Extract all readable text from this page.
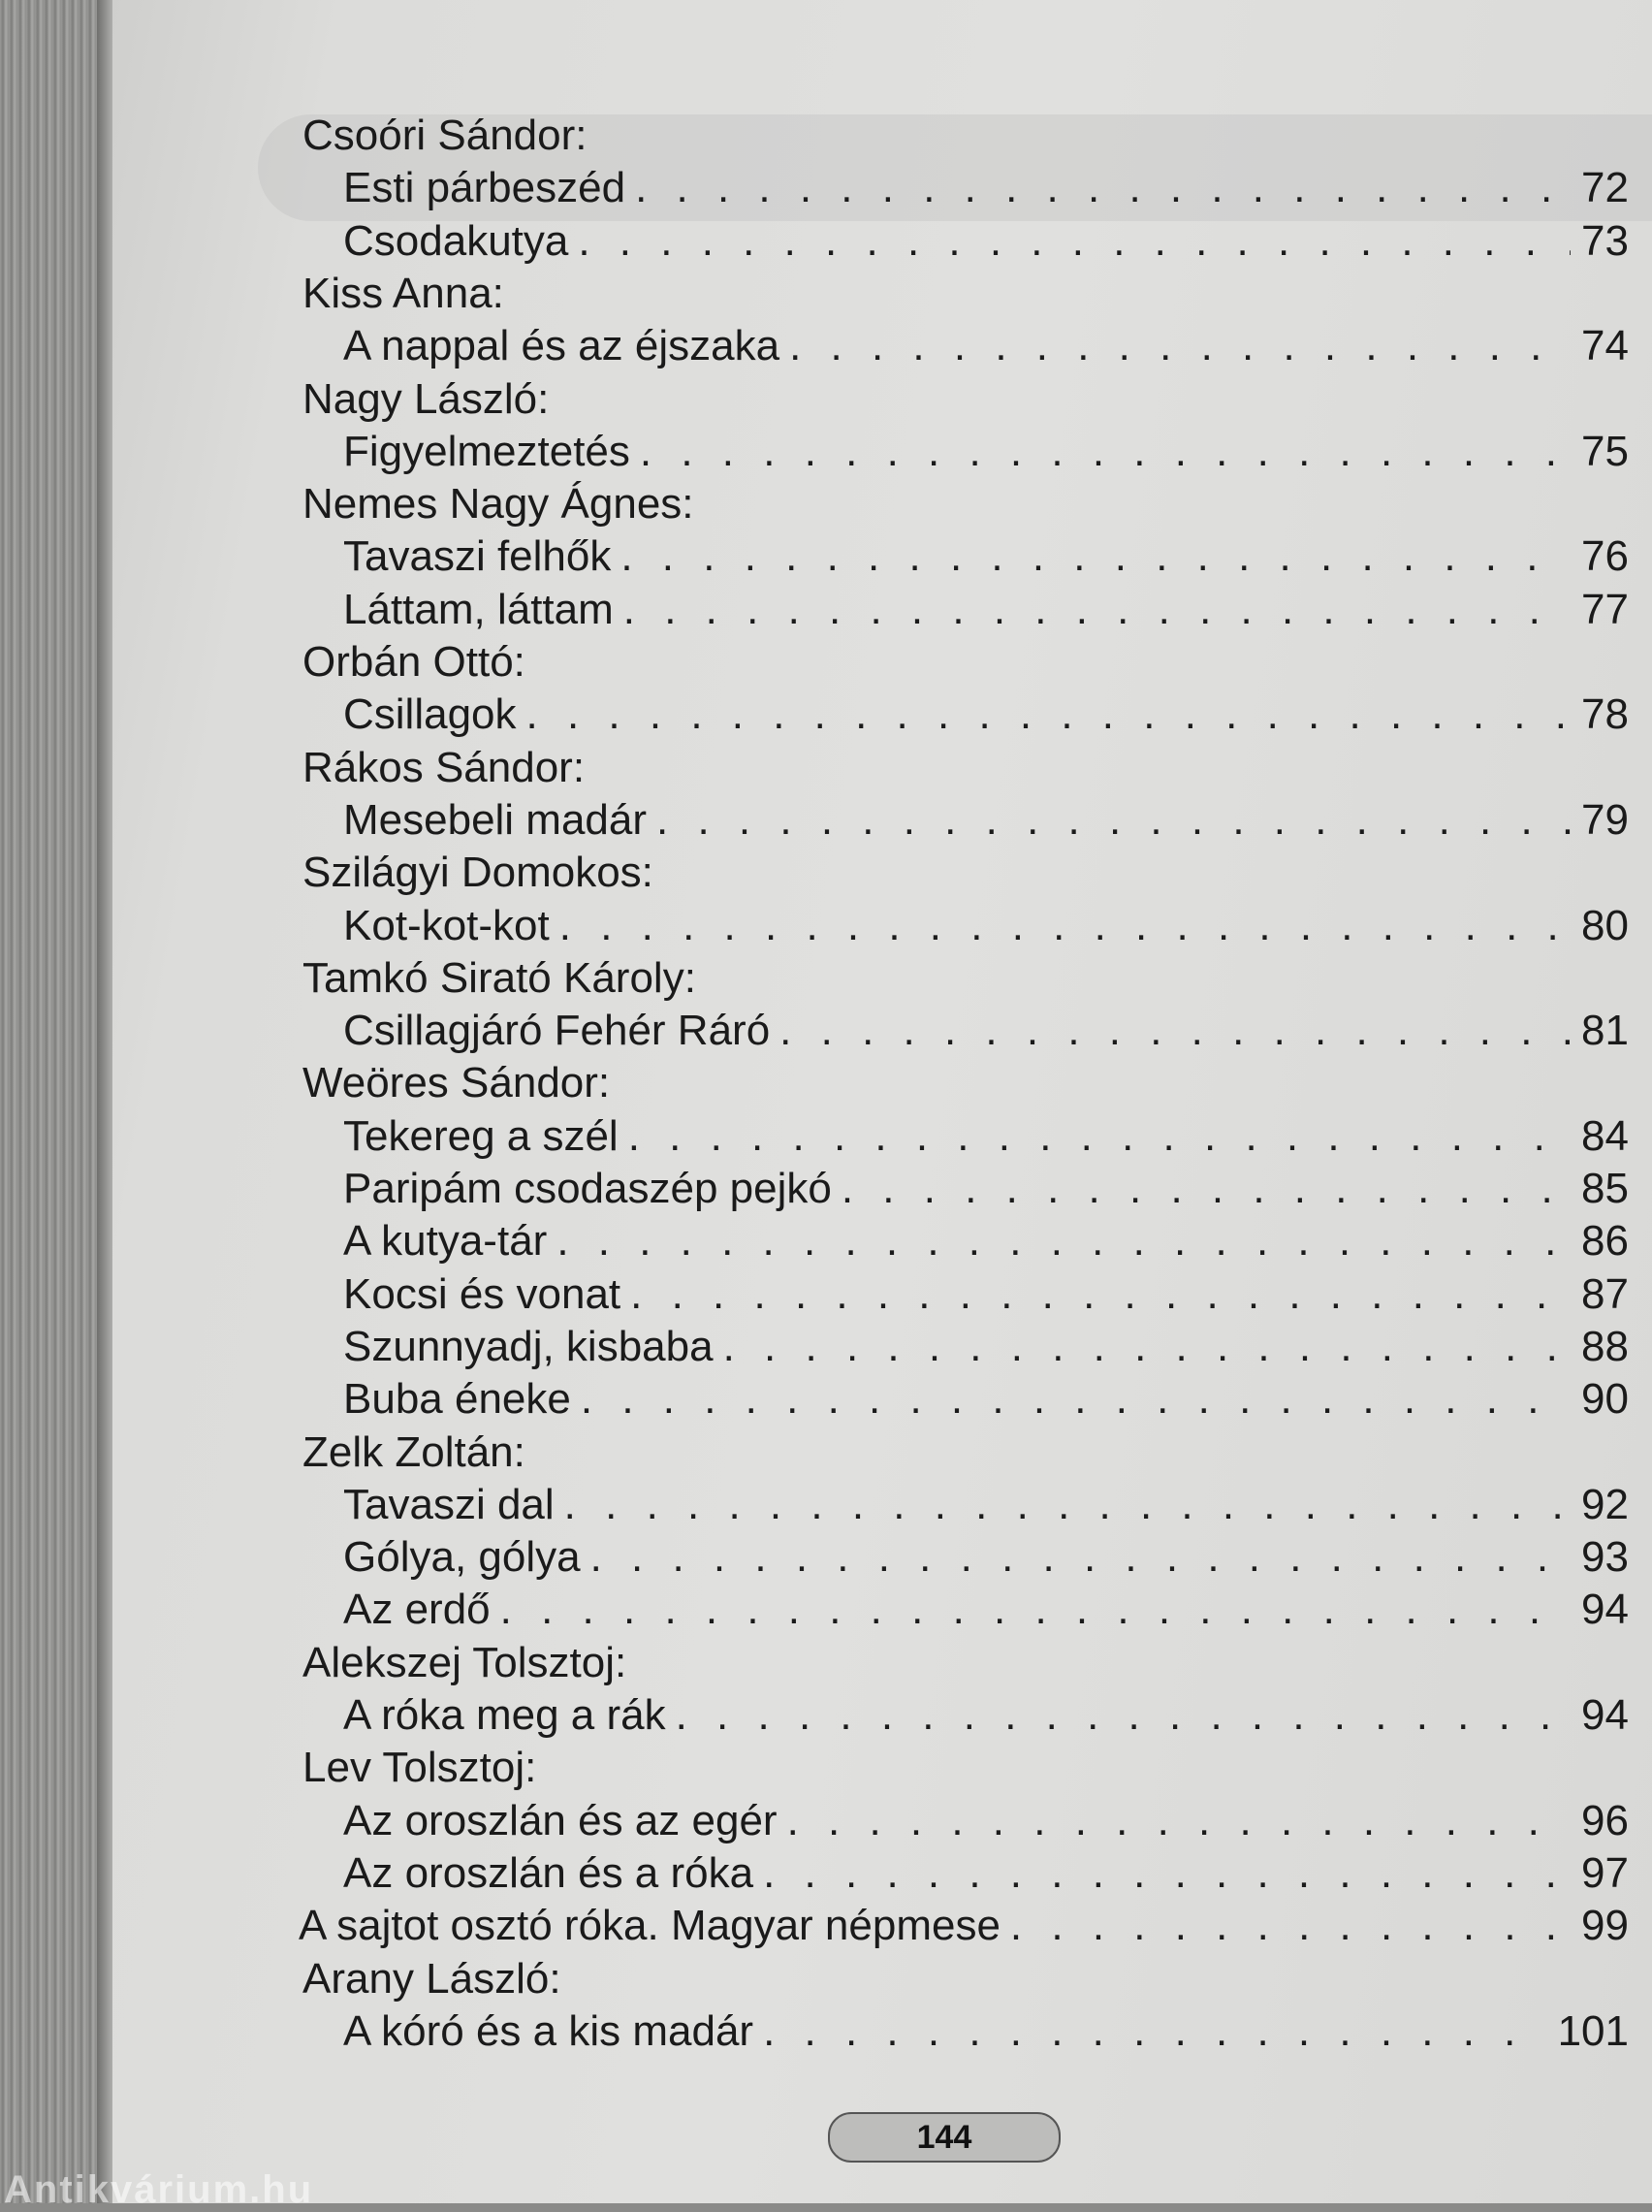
Csoóri Sándor:
Esti párbeszéd . . .	72
Csodakutya . . .	73
Kiss Anna:
A nappal és az éjszaka . . .	74
Nagy László:
Figyelmeztetés . . .	75
Nemes Nagy Ágnes:
Tavaszi felhők . . .	76
Láttam, láttam . . .	77
Orbán Ottó:
Csillagok . . .	78
Rákos Sándor:
Mesebeli madár . . .	79
Szilágyi Domokos:
Kot-kot-kot . . .	80
Tamkó Sirató Károly:
Csillagjáró Fehér Ráró . . .	81
Weöres Sándor:
Tekereg a szél . . .	84
Paripám csodaszép pejkó . . .	85
A kutya-tár . . .	86
Kocsi és vonat . . .	87
Szunnyadj, kisbaba . . .	88
Buba éneke . . .	90
Zelk Zoltán:
Tavaszi dal . . .	92
Gólya, gólya . . .	93
Az erdő . . .	94
Alekszej Tolsztoj:
A róka meg a rák . . .	94
Lev Tolsztoj:
Az oroszlán és az egér . . .	96
Az oroszlán és a róka . . .	97
A sajtot osztó róka. Magyar népmese . . .	99
Arany László:
A kóró és a kis madár . . .	101
144
Antikvárium.hu
